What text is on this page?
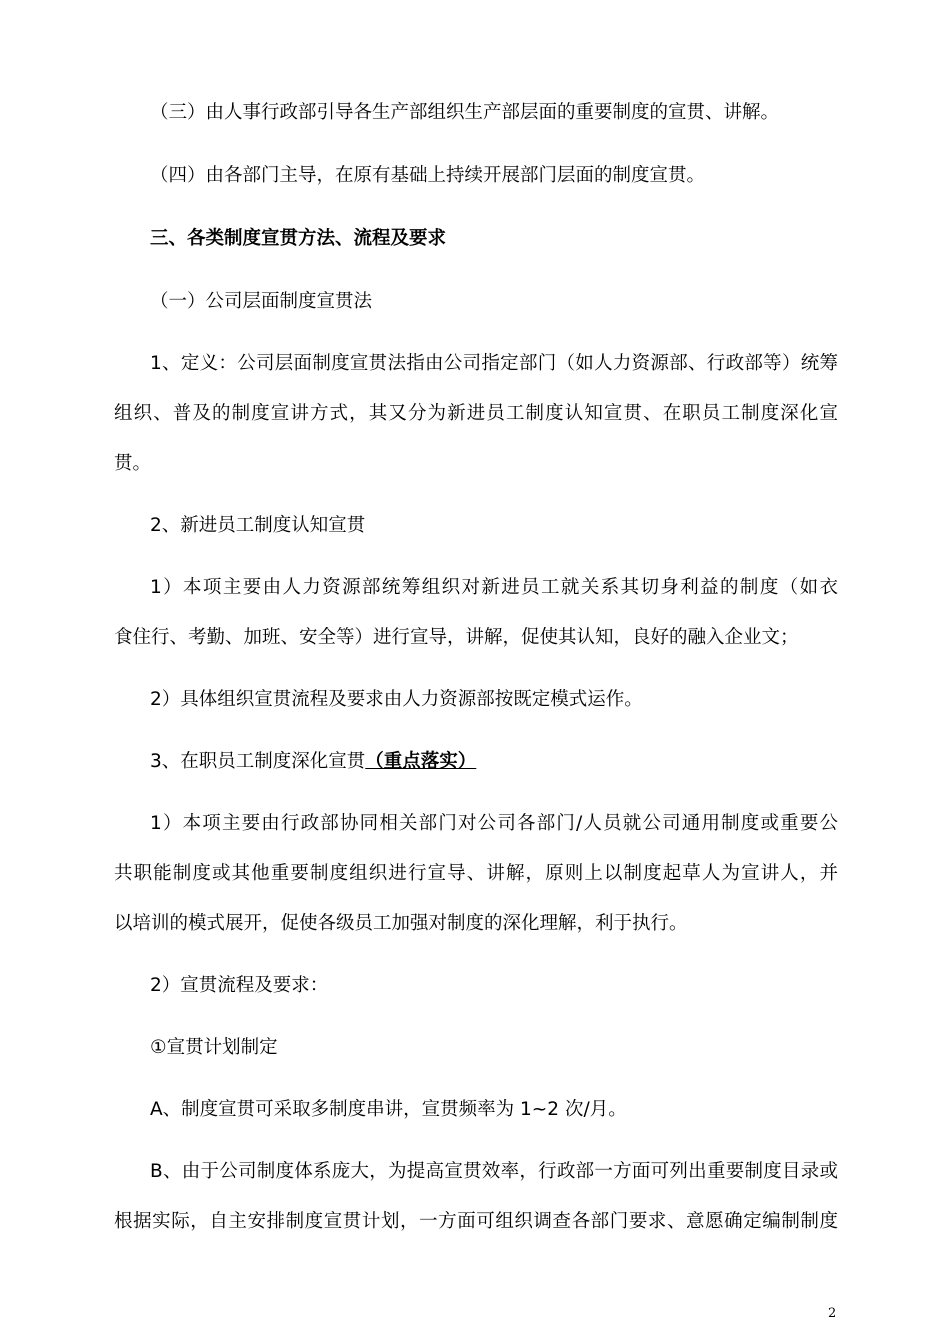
（三）由人事行政部引导各生产部组织生产部层面的重要制度的宣贯、讲解。
（四）由各部门主导，在原有基础上持续开展部门层面的制度宣贯。
三、各类制度宣贯方法、流程及要求
（一）公司层面制度宣贯法
1、定义：公司层面制度宣贯法指由公司指定部门（如人力资源部、行政部等）统筹
组织、普及的制度宣讲方式，其又分为新进员工制度认知宣贯、在职员工制度深化宣
贯。
2、新进员工制度认知宣贯
1）本项主要由人力资源部统筹组织对新进员工就关系其切身利益的制度（如衣
食住行、考勤、加班、安全等）进行宣导，讲解，促使其认知，良好的融入企业文；
2）具体组织宣贯流程及要求由人力资源部按既定模式运作。
3、在职员工制度深化宣贯（重点落实）
1）本项主要由行政部协同相关部门对公司各部门/人员就公司通用制度或重要公
共职能制度或其他重要制度组织进行宣导、讲解，原则上以制度起草人为宣讲人，并
以培训的模式展开，促使各级员工加强对制度的深化理解，利于执行。
2）宣贯流程及要求：
①宣贯计划制定
A、制度宣贯可采取多制度串讲，宣贯频率为 1~2 次/月。
B、由于公司制度体系庞大，为提高宣贯效率，行政部一方面可列出重要制度目录或
根据实际，自主安排制度宣贯计划，一方面可组织调查各部门要求、意愿确定编制制度
2
